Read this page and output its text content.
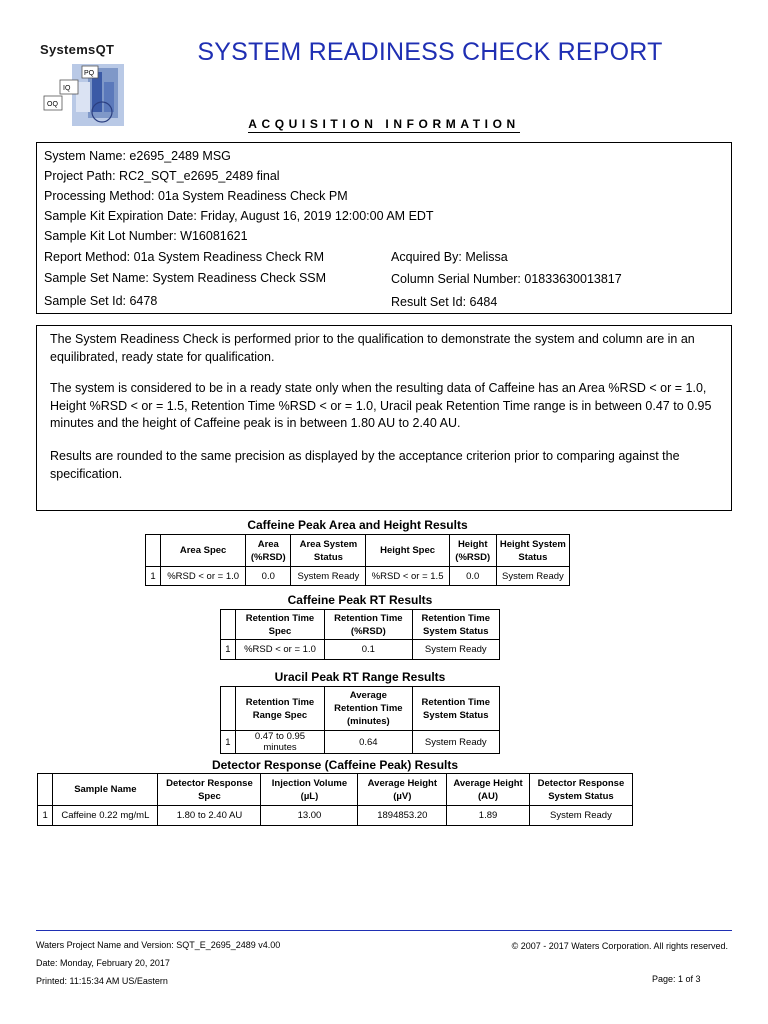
SystemsQT
PQ
IQ
OQ
SYSTEM READINESS CHECK REPORT
ACQUISITION INFORMATION
System Name: e2695_2489 MSG
Project Path: RC2_SQT_e2695_2489 final
Processing Method: 01a System Readiness Check PM
Sample Kit Expiration Date: Friday, August 16, 2019 12:00:00 AM EDT
Sample Kit Lot Number: W16081621
Report Method: 01a System Readiness Check RM
Sample Set Name: System Readiness Check SSM
Sample Set Id: 6478
Acquired By: Melissa
Column Serial Number: 01833630013817
Result Set Id: 6484
The System Readiness Check is performed prior to the qualification to demonstrate the system and column are in an equilibrated, ready state for qualification.
The system is considered to be in a ready state only when the resulting data of Caffeine has an Area %RSD < or = 1.0, Height %RSD < or = 1.5, Retention Time %RSD < or = 1.0, Uracil peak Retention Time range is in between 0.47 to 0.95 minutes and the height of Caffeine peak is in between 1.80 AU to 2.40 AU.
Results are rounded to the same precision as displayed by the acceptance criterion prior to comparing against the specification.
Caffeine Peak Area and Height Results
	Area Spec	Area (%RSD)	Area System Status	Height Spec	Height (%RSD)	Height System Status
1	%RSD < or = 1.0	0.0	System Ready	%RSD < or = 1.5	0.0	System Ready
Caffeine Peak RT Results
	Retention Time Spec	Retention Time (%RSD)	Retention Time System Status
1	%RSD < or = 1.0	0.1	System Ready
Uracil Peak RT Range Results
	Retention Time Range Spec	Average Retention Time (minutes)	Retention Time System Status
1	0.47 to 0.95 minutes	0.64	System Ready
Detector Response (Caffeine Peak) Results
	Sample Name	Detector Response Spec	Injection Volume (µL)	Average Height (µV)	Average Height (AU)	Detector Response System Status
1	Caffeine 0.22 mg/mL	1.80 to 2.40 AU	13.00	1894853.20	1.89	System Ready
Waters Project Name and Version: SQT_E_2695_2489 v4.00
Date: Monday, February 20, 2017
Printed: 11:15:34 AM US/Eastern
© 2007 - 2017 Waters Corporation. All rights reserved.
Page: 1 of 3
